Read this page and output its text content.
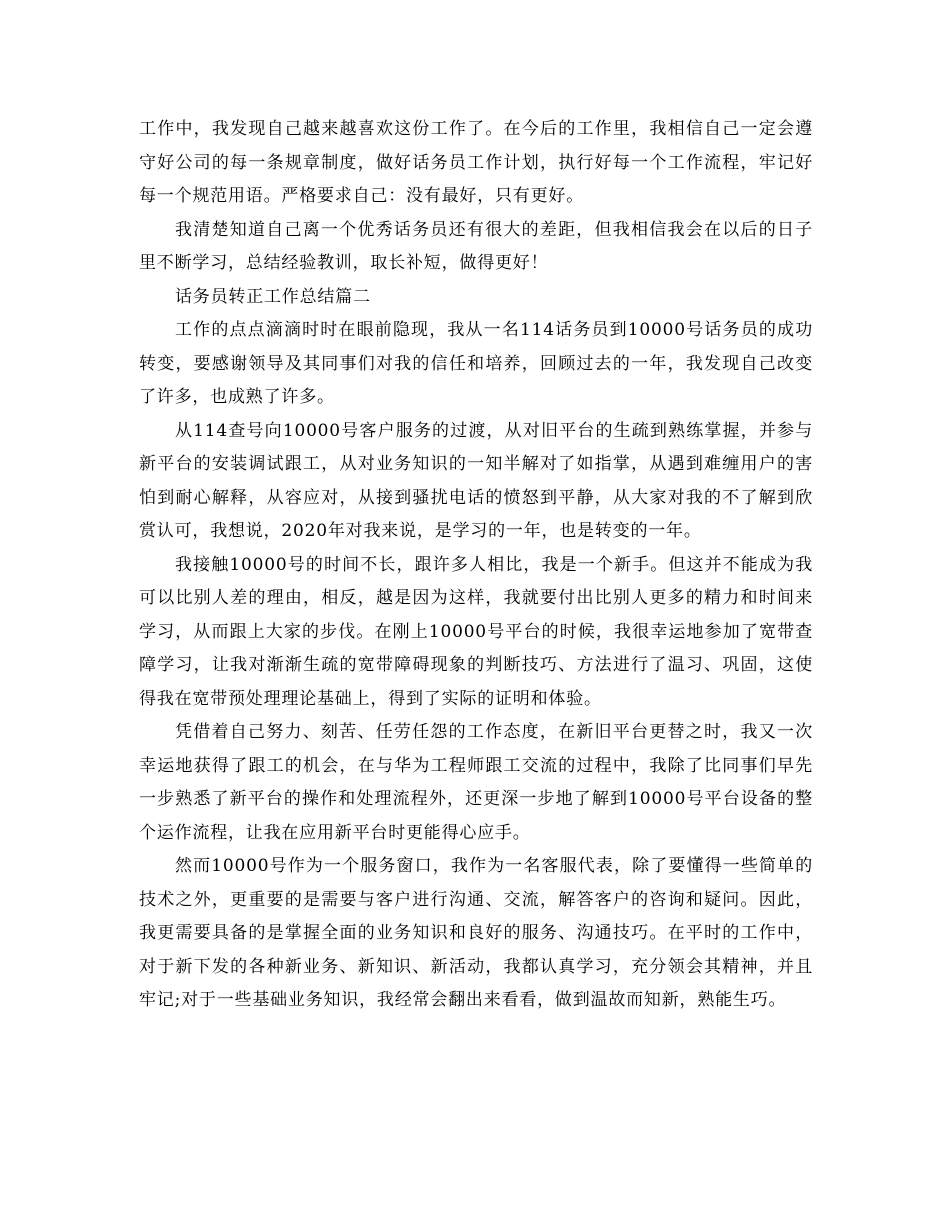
工作中，我发现自己越来越喜欢这份工作了。在今后的工作里，我相信自己一定会遵守好公司的每一条规章制度，做好话务员工作计划，执行好每一个工作流程，牢记好每一个规范用语。严格要求自己：没有最好，只有更好。

我清楚知道自己离一个优秀话务员还有很大的差距，但我相信我会在以后的日子里不断学习，总结经验教训，取长补短，做得更好！

话务员转正工作总结篇二

工作的点点滴滴时时在眼前隐现，我从一名114话务员到10000号话务员的成功转变，要感谢领导及其同事们对我的信任和培养，回顾过去的一年，我发现自己改变了许多，也成熟了许多。

从114查号向10000号客户服务的过渡，从对旧平台的生疏到熟练掌握，并参与新平台的安装调试跟工，从对业务知识的一知半解对了如指掌，从遇到难缠用户的害怕到耐心解释，从容应对，从接到骚扰电话的愤怒到平静，从大家对我的不了解到欣赏认可，我想说，2020年对我来说，是学习的一年，也是转变的一年。

我接触10000号的时间不长，跟许多人相比，我是一个新手。但这并不能成为我可以比别人差的理由，相反，越是因为这样，我就要付出比别人更多的精力和时间来学习，从而跟上大家的步伐。在刚上10000号平台的时候，我很幸运地参加了宽带查障学习，让我对渐渐生疏的宽带障碍现象的判断技巧、方法进行了温习、巩固，这使得我在宽带预处理理论基础上，得到了实际的证明和体验。

凭借着自己努力、刻苦、任劳任怨的工作态度，在新旧平台更替之时，我又一次幸运地获得了跟工的机会，在与华为工程师跟工交流的过程中，我除了比同事们早先一步熟悉了新平台的操作和处理流程外，还更深一步地了解到10000号平台设备的整个运作流程，让我在应用新平台时更能得心应手。

然而10000号作为一个服务窗口，我作为一名客服代表，除了要懂得一些简单的技术之外，更重要的是需要与客户进行沟通、交流，解答客户的咨询和疑问。因此，我更需要具备的是掌握全面的业务知识和良好的服务、沟通技巧。在平时的工作中，对于新下发的各种新业务、新知识、新活动，我都认真学习，充分领会其精神，并且牢记;对于一些基础业务知识，我经常会翻出来看看，做到温故而知新，熟能生巧。
